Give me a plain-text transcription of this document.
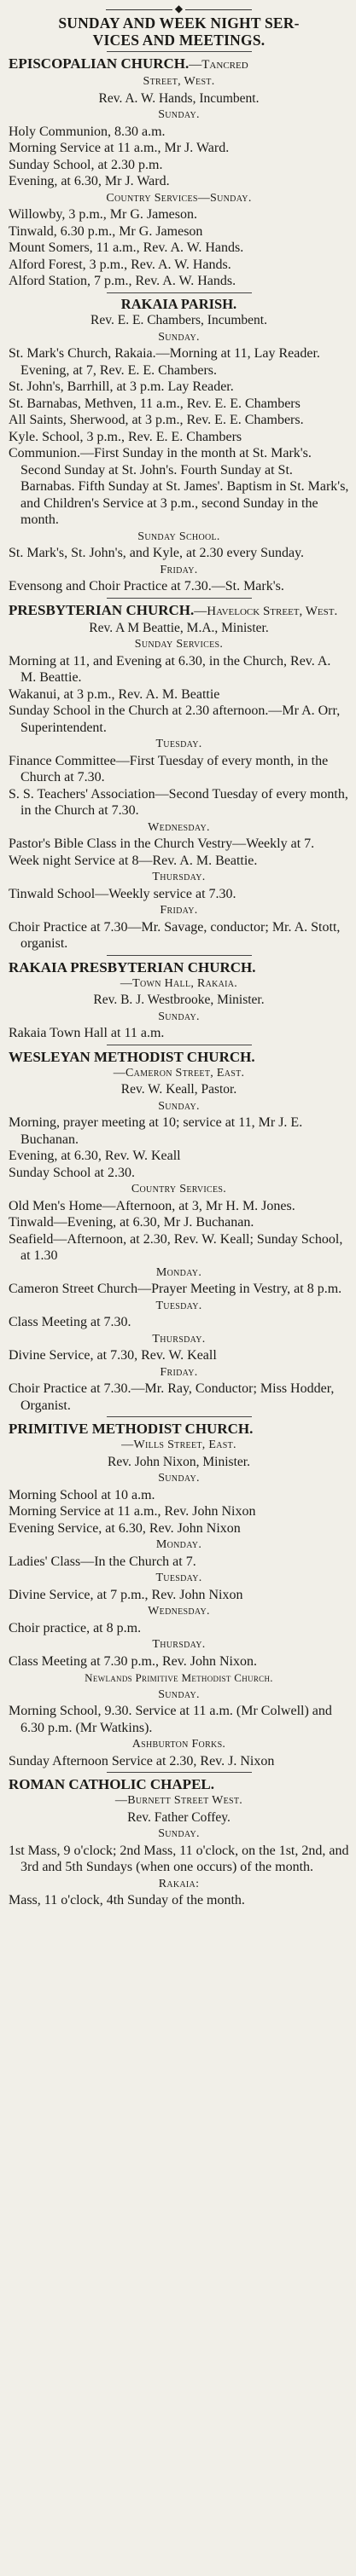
◆
SUNDAY AND WEEK NIGHT SER-
VICES AND MEETINGS.
EPISCOPALIAN CHURCH.—Tancred
Street, West.
Rev. A. W. Hands, Incumbent.
Sunday.
Holy Communion, 8.30 a.m.
Morning Service at 11 a.m., Mr J. Ward.
Sunday School, at 2.30 p.m.
Evening, at 6.30, Mr J. Ward.
Country Services—Sunday.
Willowby, 3 p.m., Mr G. Jameson.
Tinwald, 6.30 p.m., Mr G. Jameson
Mount Somers, 11 a.m., Rev. A. W. Hands.
Alford Forest, 3 p.m., Rev. A. W. Hands.
Alford Station, 7 p.m., Rev. A. W. Hands.
RAKAIA PARISH.
Rev. E. E. Chambers, Incumbent.
Sunday.
St. Mark's Church, Rakaia.—Morning at 11, Lay Reader. Evening, at 7, Rev. E. E. Chambers.
St. John's, Barrhill, at 3 p.m. Lay Reader.
St. Barnabas, Methven, 11 a.m., Rev. E. E. Chambers
All Saints, Sherwood, at 3 p.m., Rev. E. E. Chambers.
Kyle. School, 3 p.m., Rev. E. E. Chambers
Communion.—First Sunday in the month at St. Mark's. Second Sunday at St. John's. Fourth Sunday at St. Barnabas. Fifth Sunday at St. James'. Baptism in St. Mark's, and Children's Service at 3 p.m., second Sunday in the month.
Sunday School.
St. Mark's, St. John's, and Kyle, at 2.30 every Sunday.
Friday.
Evensong and Choir Practice at 7.30.—St. Mark's.
PRESBYTERIAN CHURCH.—Havelock Street, West.
Rev. A M Beattie, M.A., Minister.
Sunday Services.
Morning at 11, and Evening at 6.30, in the Church, Rev. A. M. Beattie.
Wakanui, at 3 p.m., Rev. A. M. Beattie
Sunday School in the Church at 2.30 afternoon.—Mr A. Orr, Superintendent.
Tuesday.
Finance Committee—First Tuesday of every month, in the Church at 7.30.
S. S. Teachers' Association—Second Tuesday of every month, in the Church at 7.30.
Wednesday.
Pastor's Bible Class in the Church Vestry—Weekly at 7.
Week night Service at 8—Rev. A. M. Beattie.
Thursday.
Tinwald School—Weekly service at 7.30.
Friday.
Choir Practice at 7.30—Mr. Savage, conductor; Mr. A. Stott, organist.
RAKAIA PRESBYTERIAN CHURCH.
—Town Hall, Rakaia.
Rev. B. J. Westbrooke, Minister.
Sunday.
Rakaia Town Hall at 11 a.m.
WESLEYAN METHODIST CHURCH.
—Cameron Street, East.
Rev. W. Keall, Pastor.
Sunday.
Morning, prayer meeting at 10; service at 11, Mr J. E. Buchanan.
Evening, at 6.30, Rev. W. Keall
Sunday School at 2.30.
Country Services.
Old Men's Home—Afternoon, at 3, Mr H. M. Jones.
Tinwald—Evening, at 6.30, Mr J. Buchanan.
Seafield—Afternoon, at 2.30, Rev. W. Keall; Sunday School, at 1.30
Monday.
Cameron Street Church—Prayer Meeting in Vestry, at 8 p.m.
Tuesday.
Class Meeting at 7.30.
Thursday.
Divine Service, at 7.30, Rev. W. Keall
Friday.
Choir Practice at 7.30.—Mr. Ray, Conductor; Miss Hodder, Organist.
PRIMITIVE METHODIST CHURCH.
—Wills Street, East.
Rev. John Nixon, Minister.
Sunday.
Morning School at 10 a.m.
Morning Service at 11 a.m., Rev. John Nixon
Evening Service, at 6.30, Rev. John Nixon
Monday.
Ladies' Class—In the Church at 7.
Tuesday.
Divine Service, at 7 p.m., Rev. John Nixon
Wednesday.
Choir practice, at 8 p.m.
Thursday.
Class Meeting at 7.30 p.m., Rev. John Nixon.
Newlands Primitive Methodist Church.
Sunday.
Morning School, 9.30. Service at 11 a.m. (Mr Colwell) and 6.30 p.m. (Mr Watkins).
Ashburton Forks.
Sunday Afternoon Service at 2.30, Rev. J. Nixon
ROMAN CATHOLIC CHAPEL.
—Burnett Street West.
Rev. Father Coffey.
Sunday.
1st Mass, 9 o'clock; 2nd Mass, 11 o'clock, on the 1st, 2nd, and 3rd and 5th Sundays (when one occurs) of the month.
Rakaia:
Mass, 11 o'clock, 4th Sunday of the month.
